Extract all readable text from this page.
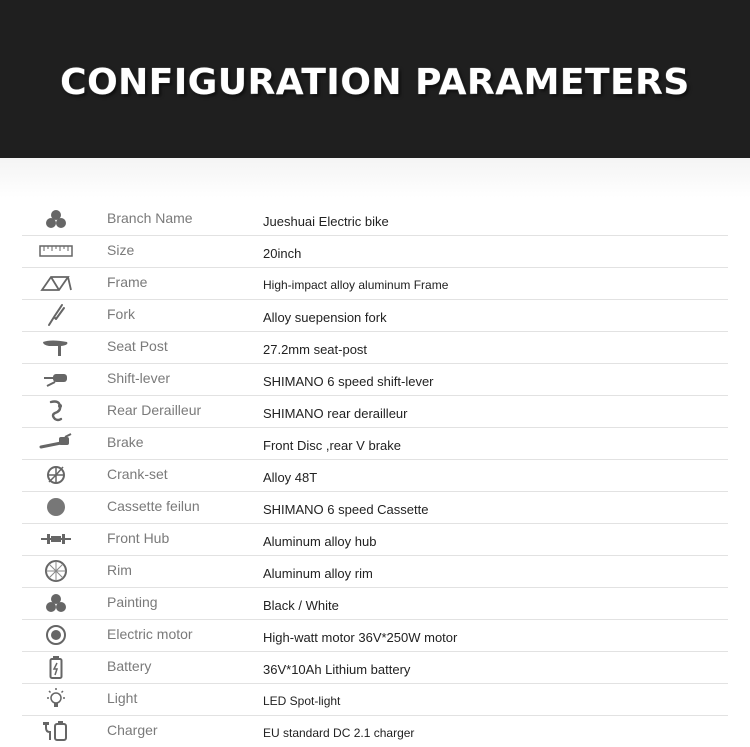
CONFIGURATION PARAMETERS
Branch Name	Jueshuai Electric bike
Size	20inch
Frame	High-impact alloy aluminum Frame
Fork	Alloy suepension fork
Seat Post	27.2mm seat-post
Shift-lever	SHIMANO 6 speed shift-lever
Rear Derailleur	SHIMANO rear derailleur
Brake	Front Disc ,rear V brake
Crank-set	Alloy 48T
Cassette feilun	SHIMANO 6 speed Cassette
Front Hub	Aluminum alloy hub
Rim	Aluminum alloy rim
Painting	Black / White
Electric motor	High-watt motor 36V*250W motor
Battery	36V*10Ah Lithium battery
Light	LED Spot-light
Charger	EU standard DC 2.1 charger
